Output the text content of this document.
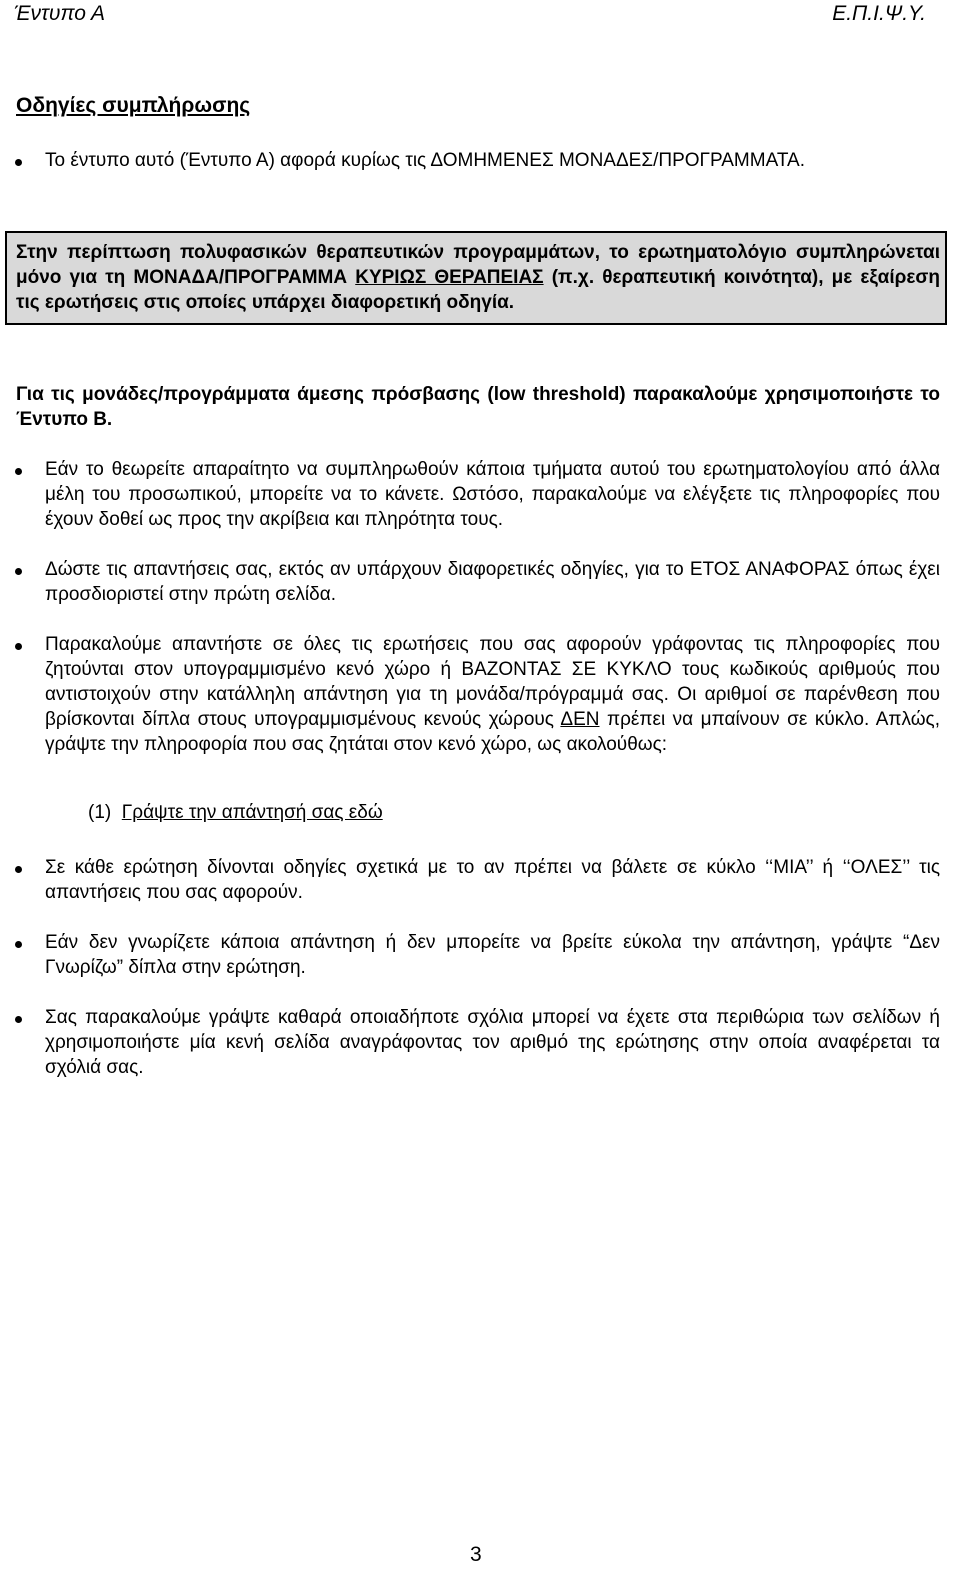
Έντυπο Α	Ε.Π.Ι.Ψ.Υ.
Οδηγίες συμπλήρωσης
Το έντυπο αυτό (Έντυπο Α) αφορά κυρίως τις ΔΟΜΗΜΕΝΕΣ ΜΟΝΑΔΕΣ/ΠΡΟΓΡΑΜΜΑΤΑ.
Στην περίπτωση πολυφασικών θεραπευτικών προγραμμάτων, το ερωτηματολόγιο συμπληρώνεται μόνο για τη ΜΟΝΑΔΑ/ΠΡΟΓΡΑΜΜΑ ΚΥΡΙΩΣ ΘΕΡΑΠΕΙΑΣ (π.χ. θεραπευτική κοινότητα), με εξαίρεση τις ερωτήσεις στις οποίες υπάρχει διαφορετική οδηγία.
Για τις μονάδες/προγράμματα άμεσης πρόσβασης (low threshold) παρακαλούμε χρησιμοποιήστε το Έντυπο Β.
Εάν το θεωρείτε απαραίτητο να συμπληρωθούν κάποια τμήματα αυτού του ερωτηματολογίου από άλλα μέλη του προσωπικού, μπορείτε να το κάνετε. Ωστόσο, παρακαλούμε να ελέγξετε τις πληροφορίες που έχουν δοθεί ως προς την ακρίβεια και πληρότητα τους.
Δώστε τις απαντήσεις σας, εκτός αν υπάρχουν διαφορετικές οδηγίες, για το ΕΤΟΣ ΑΝΑΦΟΡΑΣ όπως έχει προσδιοριστεί στην πρώτη σελίδα.
Παρακαλούμε απαντήστε σε όλες τις ερωτήσεις που σας αφορούν γράφοντας τις πληροφορίες που ζητούνται στον υπογραμμισμένο κενό χώρο ή ΒΑΖΟΝΤΑΣ ΣΕ ΚΥΚΛΟ τους κωδικούς αριθμούς που αντιστοιχούν στην κατάλληλη απάντηση για τη μονάδα/πρόγραμμά σας. Οι αριθμοί σε παρένθεση που βρίσκονται δίπλα στους υπογραμμισμένους κενούς χώρους ΔΕΝ πρέπει να μπαίνουν σε κύκλο. Απλώς, γράψτε την πληροφορία που σας ζητάται στον κενό χώρο, ως ακολούθως:
(1) Γράψτε την απάντησή σας εδώ
Σε κάθε ερώτηση δίνονται οδηγίες σχετικά με το αν πρέπει να βάλετε σε κύκλο ‘‘ΜΙΑ’’ ή ‘‘ΟΛΕΣ’’ τις απαντήσεις που σας αφορούν.
Εάν δεν γνωρίζετε κάποια απάντηση ή δεν μπορείτε να βρείτε εύκολα την απάντηση, γράψτε “Δεν Γνωρίζω” δίπλα στην ερώτηση.
Σας παρακαλούμε γράψτε καθαρά οποιαδήποτε σχόλια μπορεί να έχετε στα περιθώρια των σελίδων ή χρησιμοποιήστε μία κενή σελίδα αναγράφοντας τον αριθμό της ερώτησης στην οποία αναφέρεται τα σχόλιά σας.
3
